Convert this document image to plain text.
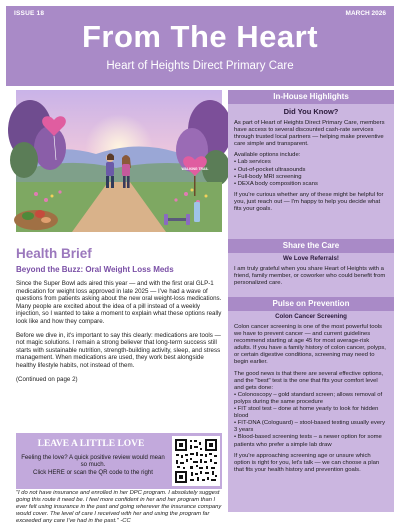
ISSUE 18	MARCH 2026
From The Heart
Heart of Heights Direct Primary Care
WALKING TRAIL
Health Brief
Beyond the Buzz: Oral Weight Loss Meds

Since the Super Bowl ads aired this year — and with the first oral GLP-1 medication for weight loss approved in late 2025 — I've had a wave of questions from patients asking about the new oral weight-loss medications. Many people are excited about the idea of a pill instead of a weekly injection, so I wanted to take a moment to explain what these options really look like and how they compare.

Before we dive in, it's important to say this clearly: medications are tools — not magic solutions. I remain a strong believer that long-term success still starts with sustainable nutrition, strength-building activity, sleep, and stress management. When medications are used, they work best alongside healthy lifestyle habits, not instead of them.

(Continued on page 2)

LEAVE A LITTLE LOVE
Feeling the love? A quick positive review would mean so much.
Click HERE or scan the QR code to the right

"I do not have insurance and enrolled in her DPC program. I absolutely suggest going this route it need be. I feel more confident in her and her program than I ever felt using insurance in the past and going wherever the insurance company would cover. The level of care I received with her and using the program far exceeded any care I've had in the past." -CC

In-House Highlights
Did You Know?

As part of Heart of Heights Direct Primary Care, members have access to several discounted cash-rate services through trusted local partners — helping make preventive care simple and transparent.

Available options include:

• Lab services
• Out-of-pocket ultrasounds
• Full-body MRI screening
• DEXA body composition scans

If you're curious whether any of these might be helpful for you, just reach out — I'm happy to help you decide what fits your goals.

Share the Care
We Love Referrals!

I am truly grateful when you share Heart of Heights with a friend, family member, or coworker who could benefit from personalized care.

Pulse on Prevention
Colon Cancer Screening

Colon cancer screening is one of the most powerful tools we have to prevent cancer — and current guidelines recommend starting at age 45 for most average-risk adults. If you have a family history of colon cancer, polyps, or certain digestive conditions, screening may need to begin earlier.

The good news is that there are several effective options, and the "best" test is the one that fits your comfort level and gets done:

• Colonoscopy – gold standard screen; allows removal of polyps during the same procedure
• FIT stool test – done at home yearly to look for hidden blood
• FIT-DNA (Cologuard) – stool-based testing usually every 3 years
• Blood-based screening tests – a newer option for some patients who prefer a simple lab draw

If you're approaching screening age or unsure which option is right for you, let's talk — we can choose a plan that fits your health history and prevention goals.
